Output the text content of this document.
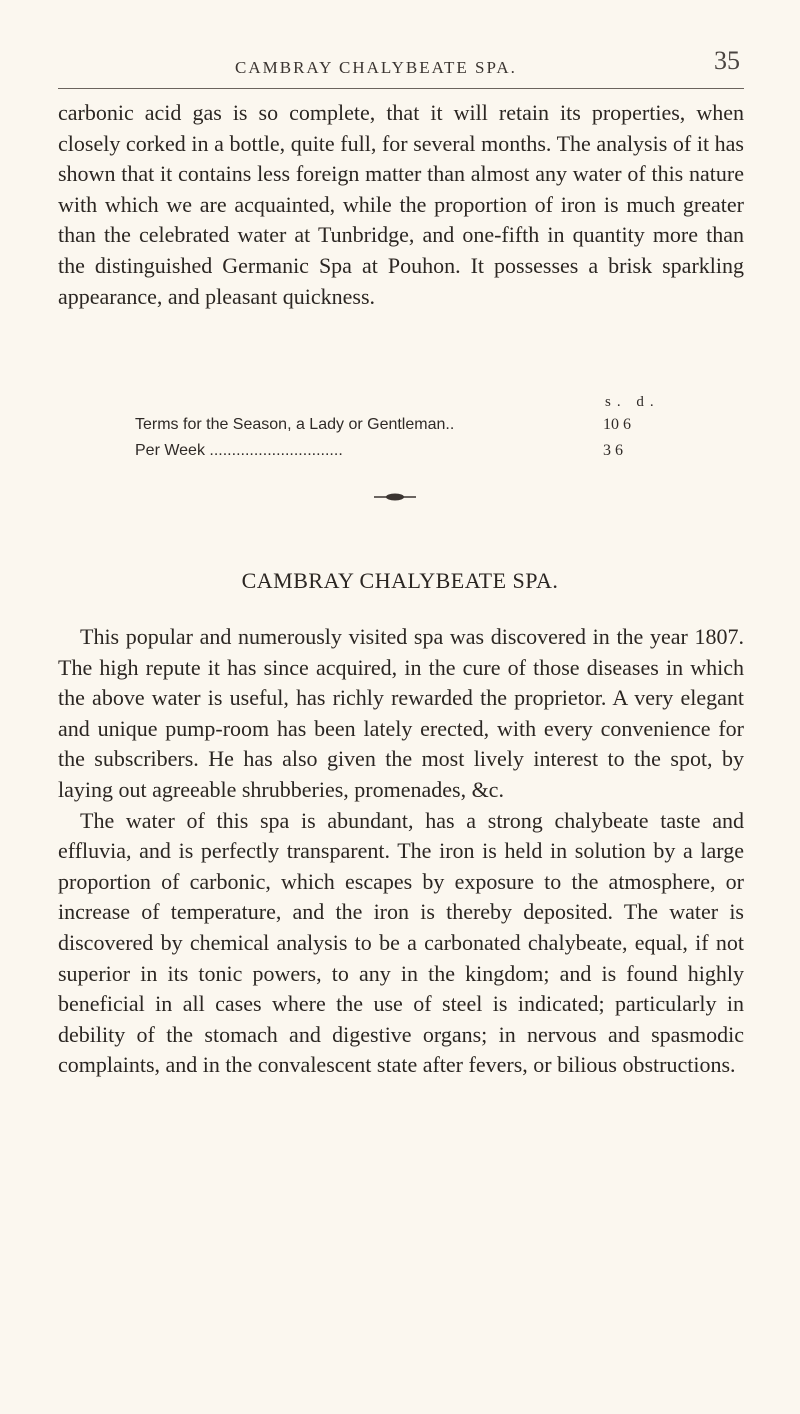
CAMBRAY CHALYBEATE SPA.	35

carbonic acid gas is so complete, that it will retain its properties, when closely corked in a bottle, quite full, for several months. The analysis of it has shown that it contains less foreign matter than almost any water of this nature with which we are acquainted, while the proportion of iron is much greater than the celebrated water at Tunbridge, and one-fifth in quantity more than the distinguished Germanic Spa at Pouhon. It possesses a brisk sparkling appearance, and pleasant quickness.

s. d.
Terms for the Season, a Lady or Gentleman..	10 6
Per Week ..............................	3 6
CAMBRAY CHALYBEATE SPA.

This popular and numerously visited spa was discovered in the year 1807. The high repute it has since acquired, in the cure of those diseases in which the above water is useful, has richly rewarded the proprietor. A very elegant and unique pump-room has been lately erected, with every convenience for the subscribers. He has also given the most lively interest to the spot, by laying out agreeable shrubberies, promenades, &c.

The water of this spa is abundant, has a strong chalybeate taste and effluvia, and is perfectly transparent. The iron is held in solution by a large proportion of carbonic, which escapes by exposure to the atmosphere, or increase of temperature, and the iron is thereby deposited. The water is discovered by chemical analysis to be a carbonated chalybeate, equal, if not superior in its tonic powers, to any in the kingdom; and is found highly beneficial in all cases where the use of steel is indicated; particularly in debility of the stomach and digestive organs; in nervous and spasmodic complaints, and in the convalescent state after fevers, or bilious obstructions.
